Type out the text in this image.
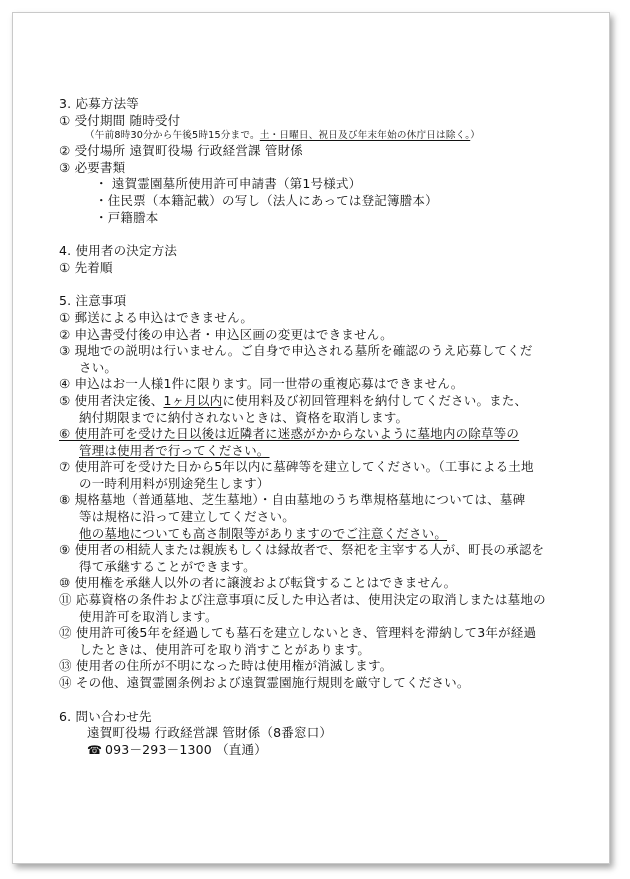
3. 応募方法等
① 受付期間 随時受付
（午前8時30分から午後5時15分まで。土・日曜日、祝日及び年末年始の休庁日は除く。）
② 受付場所 遠賀町役場 行政経営課 管財係
③ 必要書類
・ 遠賀霊園墓所使用許可申請書（第1号様式）
・住民票（本籍記載）の写し（法人にあっては登記簿謄本）
・戸籍謄本
4. 使用者の決定方法
① 先着順
5. 注意事項
① 郵送による申込はできません。
② 申込書受付後の申込者・申込区画の変更はできません。
③ 現地での説明は行いません。ご自身で申込される墓所を確認のうえ応募してくだ
さい。
④ 申込はお一人様1件に限ります。同一世帯の重複応募はできません。
⑤ 使用者決定後、1ヶ月以内に使用料及び初回管理料を納付してください。また、
納付期限までに納付されないときは、資格を取消します。
⑥ 使用許可を受けた日以後は近隣者に迷惑がかからないように墓地内の除草等の
管理は使用者で行ってください。
⑦ 使用許可を受けた日から5年以内に墓碑等を建立してください。（工事による土地
の一時利用料が別途発生します）
⑧ 規格墓地（普通墓地、芝生墓地）・自由墓地のうち準規格墓地については、墓碑
等は規格に沿って建立してください。
他の墓地についても高さ制限等がありますのでご注意ください。
⑨ 使用者の相続人または親族もしくは縁故者で、祭祀を主宰する人が、町長の承認を
得て承継することができます。
⑩ 使用権を承継人以外の者に譲渡および転貸することはできません。
⑪ 応募資格の条件および注意事項に反した申込者は、使用決定の取消しまたは墓地の
使用許可を取消します。
⑫ 使用許可後5年を経過しても墓石を建立しないとき、管理料を滞納して3年が経過
したときは、使用許可を取り消すことがあります。
⑬ 使用者の住所が不明になった時は使用権が消滅します。
⑭ その他、遠賀霊園条例および遠賀霊園施行規則を厳守してください。
6. 問い合わせ先
遠賀町役場 行政経営課 管財係（8番窓口）
☎ 093－293－1300 （直通）
